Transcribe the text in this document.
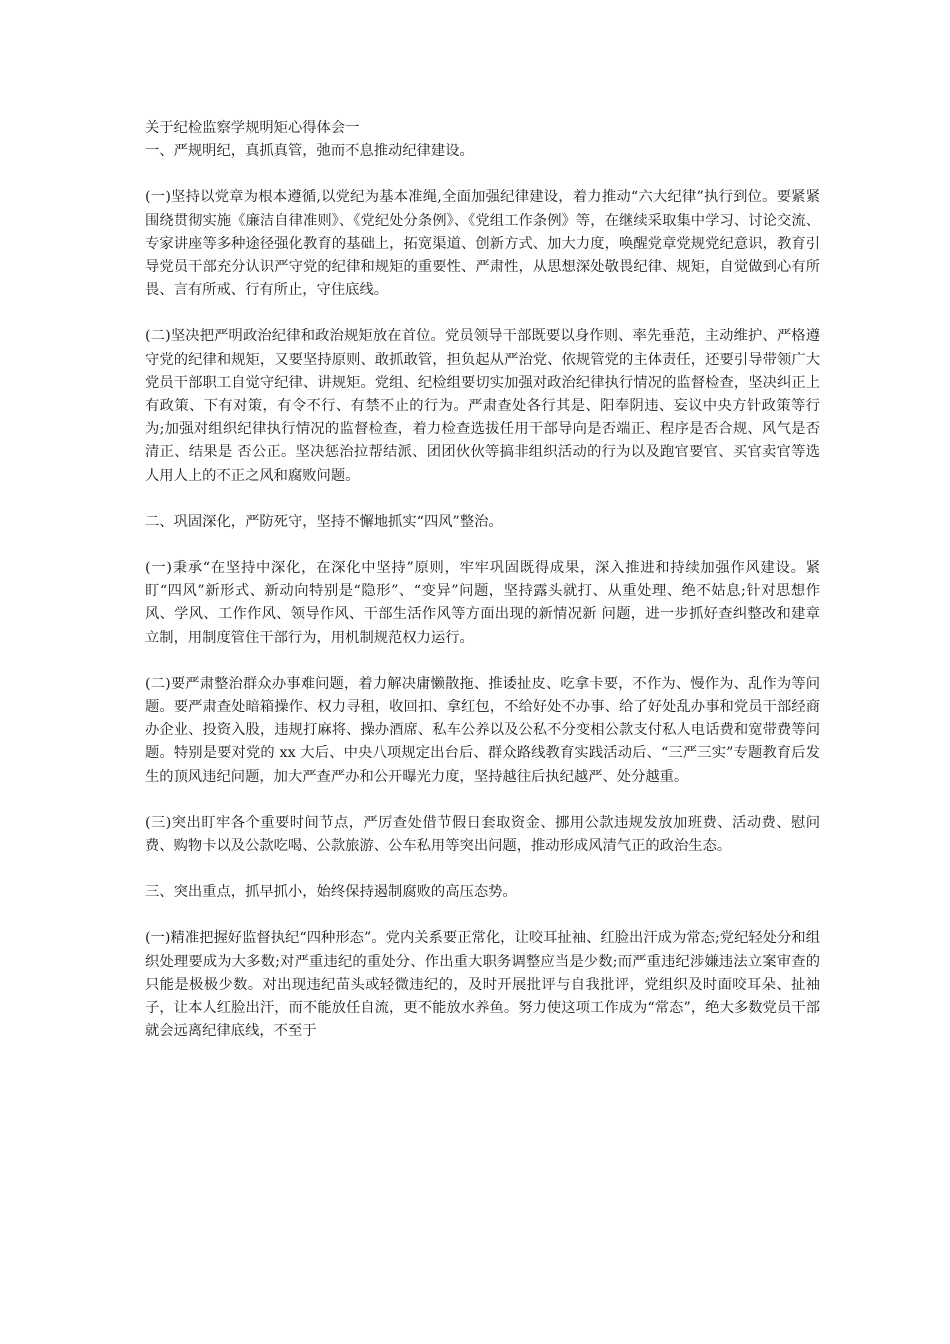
关于纪检监察学规明矩心得体会一

一、严规明纪，真抓真管，弛而不息推动纪律建设。

(一)坚持以党章为根本遵循,以党纪为基本准绳,全面加强纪律建设，着力推动“六大纪律”执行到位。要紧紧围绕贯彻实施《廉洁自律准则》、《党纪处分条例》、《党组工作条例》等，在继续采取集中学习、讨论交流、专家讲座等多种途径强化教育的基础上，拓宽渠道、创新方式、加大力度，唤醒党章党规党纪意识，教育引导党员干部充分认识严守党的纪律和规矩的重要性、严肃性，从思想深处敬畏纪律、规矩，自觉做到心有所畏、言有所戒、行有所止，守住底线。

(二)坚决把严明政治纪律和政治规矩放在首位。党员领导干部既要以身作则、率先垂范，主动维护、严格遵守党的纪律和规矩，又要坚持原则、敢抓敢管，担负起从严治党、依规管党的主体责任，还要引导带领广大党员干部职工自觉守纪律、讲规矩。党组、纪检组要切实加强对政治纪律执行情况的监督检查，坚决纠正上有政策、下有对策，有令不行、有禁不止的行为。严肃查处各行其是、阳奉阴违、妄议中央方针政策等行为;加强对组织纪律执行情况的监督检查，着力检查选拔任用干部导向是否端正、程序是否合规、风气是否清正、结果是 否公正。坚决惩治拉帮结派、团团伙伙等搞非组织活动的行为以及跑官要官、买官卖官等选人用人上的不正之风和腐败问题。

二、巩固深化，严防死守，坚持不懈地抓实“四风”整治。

(一)秉承“在坚持中深化，在深化中坚持”原则，牢牢巩固既得成果，深入推进和持续加强作风建设。紧盯“四风”新形式、新动向特别是“隐形”、“变异”问题，坚持露头就打、从重处理、绝不姑息;针对思想作风、学风、工作作风、领导作风、干部生活作风等方面出现的新情况新 问题，进一步抓好查纠整改和建章立制，用制度管住干部行为，用机制规范权力运行。

(二)要严肃整治群众办事难问题，着力解决庸懒散拖、推诿扯皮、吃拿卡要，不作为、慢作为、乱作为等问题。要严肃查处暗箱操作、权力寻租，收回扣、拿红包，不给好处不办事、给了好处乱办事和党员干部经商办企业、投资入股，违规打麻将、操办酒席、私车公养以及公私不分变相公款支付私人电话费和宽带费等问题。特别是要对党的 xx 大后、中央八项规定出台后、群众路线教育实践活动后、“三严三实”专题教育后发生的顶风违纪问题，加大严查严办和公开曝光力度，坚持越往后执纪越严、处分越重。

(三)突出盯牢各个重要时间节点，严厉查处借节假日套取资金、挪用公款违规发放加班费、活动费、慰问费、购物卡以及公款吃喝、公款旅游、公车私用等突出问题，推动形成风清气正的政治生态。

三、突出重点，抓早抓小，始终保持遏制腐败的高压态势。

(一)精准把握好监督执纪“四种形态”。党内关系要正常化，让咬耳扯袖、红脸出汗成为常态;党纪轻处分和组织处理要成为大多数;对严重违纪的重处分、作出重大职务调整应当是少数;而严重违纪涉嫌违法立案审查的只能是极极少数。对出现违纪苗头或轻微违纪的，及时开展批评与自我批评，党组织及时面咬耳朵、扯袖子，让本人红脸出汗，而不能放任自流，更不能放水养鱼。努力使这项工作成为“常态”，绝大多数党员干部就会远离纪律底线，不至于
